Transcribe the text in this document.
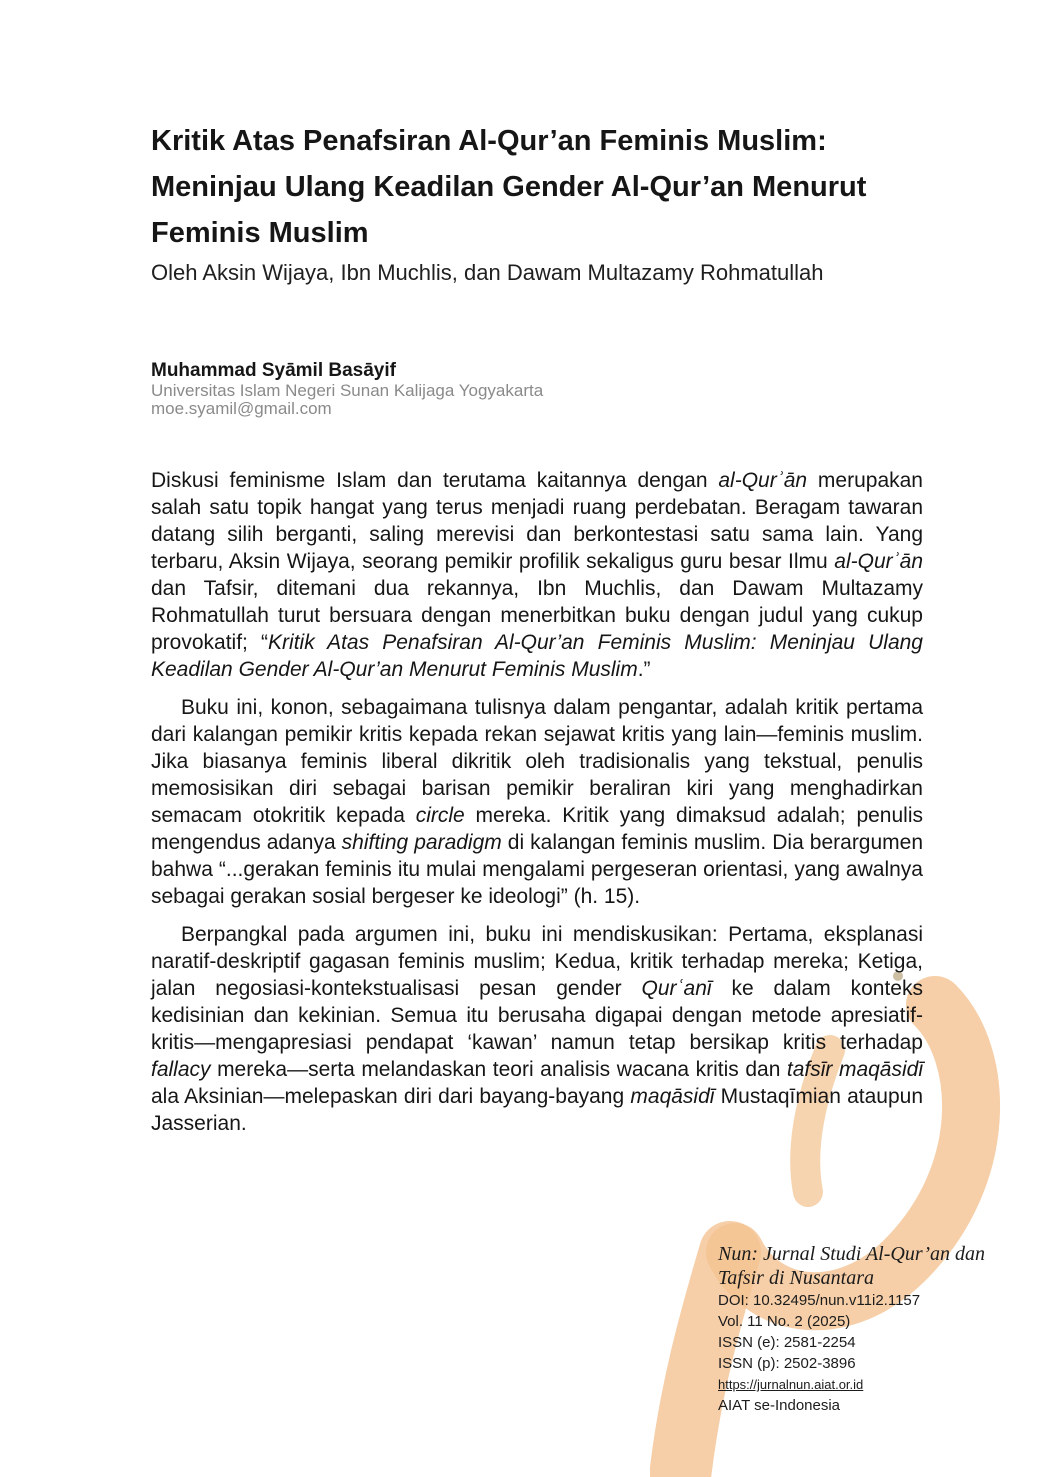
Kritik Atas Penafsiran Al-Qur’an Feminis Muslim: Meninjau Ulang Keadilan Gender Al-Qur’an Menurut Feminis Muslim
Oleh Aksin Wijaya, Ibn Muchlis, dan Dawam Multazamy Rohmatullah
Muhammad Syāmil Basāyif
Universitas Islam Negeri Sunan Kalijaga Yogyakarta
moe.syamil@gmail.com

Diskusi feminisme Islam dan terutama kaitannya dengan al-Qurʾān merupakan salah satu topik hangat yang terus menjadi ruang perdebatan. Beragam tawaran datang silih berganti, saling merevisi dan berkontestasi satu sama lain. Yang terbaru, Aksin Wijaya, seorang pemikir profilik sekaligus guru besar Ilmu al-Qurʾān dan Tafsir, ditemani dua rekannya, Ibn Muchlis, dan Dawam Multazamy Rohmatullah turut bersuara dengan menerbitkan buku dengan judul yang cukup provokatif; “Kritik Atas Penafsiran Al-Qur’an Feminis Muslim: Meninjau Ulang Keadilan Gender Al-Qur’an Menurut Feminis Muslim.”

Buku ini, konon, sebagaimana tulisnya dalam pengantar, adalah kritik pertama dari kalangan pemikir kritis kepada rekan sejawat kritis yang lain—feminis muslim. Jika biasanya feminis liberal dikritik oleh tradisionalis yang tekstual, penulis memosisikan diri sebagai barisan pemikir beraliran kiri yang menghadirkan semacam otokritik kepada circle mereka. Kritik yang dimaksud adalah; penulis mengendus adanya shifting paradigm di kalangan feminis muslim. Dia berargumen bahwa “...gerakan feminis itu mulai mengalami pergeseran orientasi, yang awalnya sebagai gerakan sosial bergeser ke ideologi” (h. 15).

Berpangkal pada argumen ini, buku ini mendiskusikan: Pertama, eksplanasi naratif-deskriptif gagasan feminis muslim; Kedua, kritik terhadap mereka; Ketiga, jalan negosiasi-kontekstualisasi pesan gender Qurʿanī ke dalam konteks kedisinian dan kekinian. Semua itu berusaha digapai dengan metode apresiatif-kritis—mengapresiasi pendapat ‘kawan’ namun tetap bersikap kritis terhadap fallacy mereka—serta melandaskan teori analisis wacana kritis dan tafsīr maqāsidī ala Aksinian—melepaskan diri dari bayang-bayang maqāsidī Mustaqīmian ataupun Jasserian.

Nun: Jurnal Studi Al-Qur’an dan Tafsir di Nusantara
DOI: 10.32495/nun.v11i2.1157
Vol. 11 No. 2 (2025)
ISSN (e): 2581-2254
ISSN (p): 2502-3896
https://jurnalnun.aiat.or.id
AIAT se-Indonesia
